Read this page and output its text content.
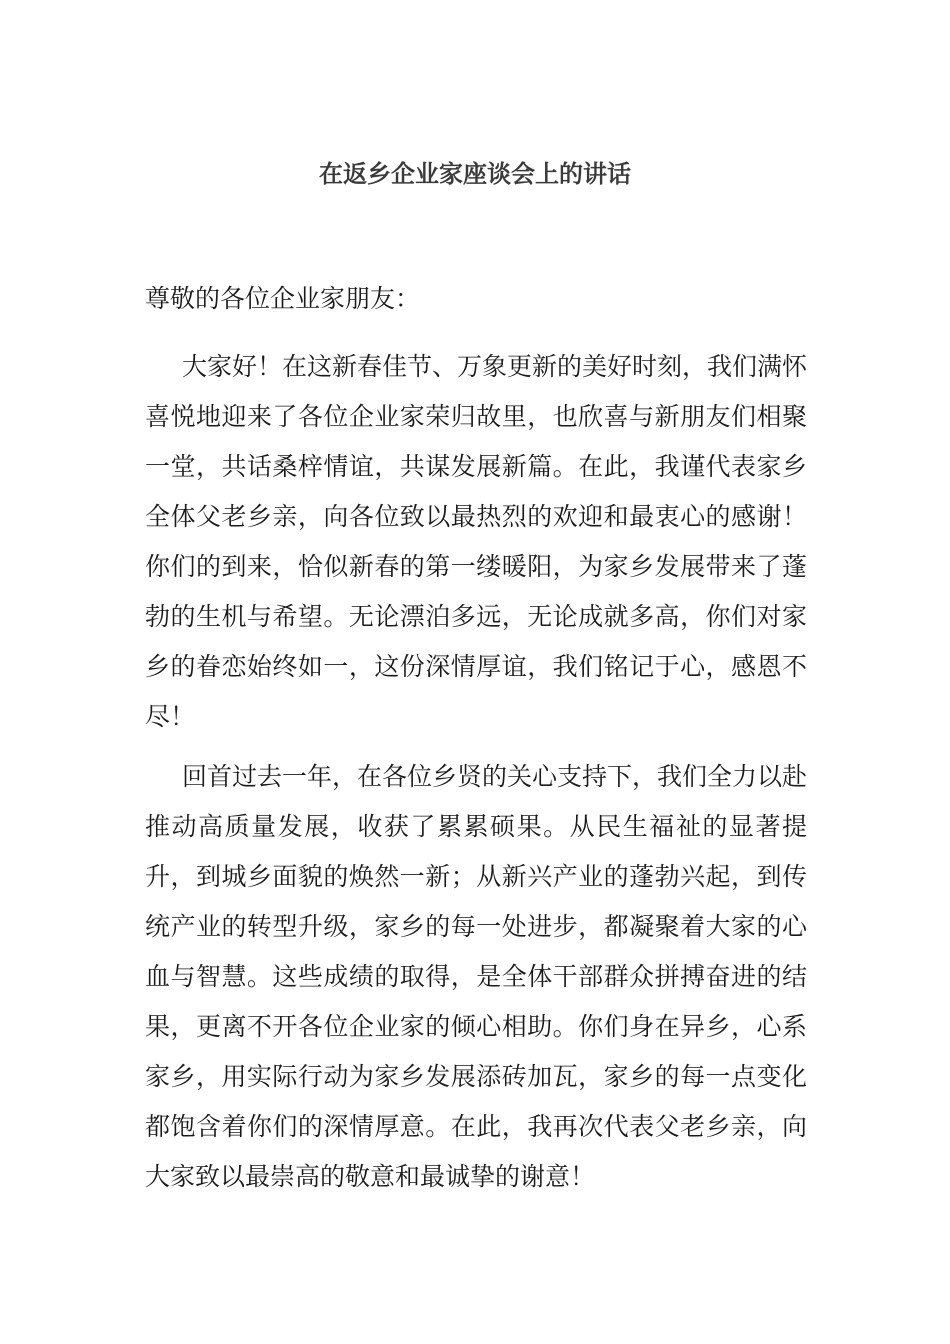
在返乡企业家座谈会上的讲话

尊敬的各位企业家朋友：

大家好！在这新春佳节、万象更新的美好时刻，我们满怀喜悦地迎来了各位企业家荣归故里，也欣喜与新朋友们相聚一堂，共话桑梓情谊，共谋发展新篇。在此，我谨代表家乡全体父老乡亲，向各位致以最热烈的欢迎和最衷心的感谢！你们的到来，恰似新春的第一缕暖阳，为家乡发展带来了蓬勃的生机与希望。无论漂泊多远，无论成就多高，你们对家乡的眷恋始终如一，这份深情厚谊，我们铭记于心，感恩不尽！

回首过去一年，在各位乡贤的关心支持下，我们全力以赴推动高质量发展，收获了累累硕果。从民生福祉的显著提升，到城乡面貌的焕然一新；从新兴产业的蓬勃兴起，到传统产业的转型升级，家乡的每一处进步，都凝聚着大家的心血与智慧。这些成绩的取得，是全体干部群众拼搏奋进的结果，更离不开各位企业家的倾心相助。你们身在异乡，心系家乡，用实际行动为家乡发展添砖加瓦，家乡的每一点变化都饱含着你们的深情厚意。在此，我再次代表父老乡亲，向大家致以最崇高的敬意和最诚挚的谢意！
